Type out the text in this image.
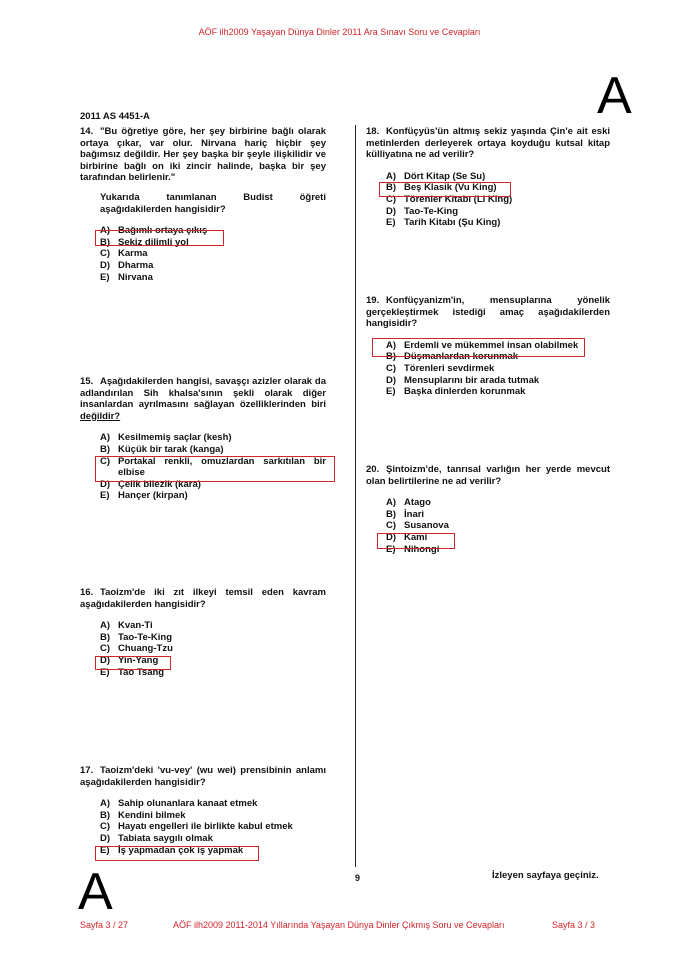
AÖF ilh2009 Yaşayan Dünya Dinler 2011 Ara Sınavı Soru ve Cevapları
A
2011 AS 4451-A
14. "Bu öğretiye göre, her şey birbirine bağlı olarak ortaya çıkar, var olur. Nirvana hariç hiçbir şey bağımsız değildir. Her şey başka bir şeyle ilişkilidir ve birbirine bağlı on iki zincir halinde, başka bir şey tarafından belirlenir."
Yukarıda tanımlanan Budist öğreti aşağıdakilerden hangisidir?
A) Bağımlı ortaya çıkış
B) Sekiz dilimli yol
C) Karma
D) Dharma
E) Nirvana
15. Aşağıdakilerden hangisi, savaşçı azizler olarak da adlandırılan Sih khalsa'sının şekli olarak diğer insanlardan ayrılmasını sağlayan özelliklerinden biri değildir?
A) Kesilmemiş saçlar (kesh)
B) Küçük bir tarak (kanga)
C) Portakal renkli, omuzlardan sarkıtılan bir elbise
D) Çelik bilezik (kara)
E) Hançer (kirpan)
16. Taoizm'de iki zıt ilkeyi temsil eden kavram aşağıdakilerden hangisidir?
A) Kvan-Ti
B) Tao-Te-King
C) Chuang-Tzu
D) Yin-Yang
E) Tao Tsang
17. Taoizm'deki 'vu-vey' (wu wei) prensibinin anlamı aşağıdakilerden hangisidir?
A) Sahip olunanlara kanaat etmek
B) Kendini bilmek
C) Hayatı engelleri ile birlikte kabul etmek
D) Tabiata saygılı olmak
E) İş yapmadan çok iş yapmak
18. Konfüçyüs'ün altmış sekiz yaşında Çin'e ait eski metinlerden derleyerek ortaya koyduğu kutsal kitap külliyatına ne ad verilir?
A) Dört Kitap (Se Su)
B) Beş Klasik (Vu King)
C) Törenler Kitabı (Li King)
D) Tao-Te-King
E) Tarih Kitabı (Şu King)
19. Konfüçyanizm'in, mensuplarına yönelik gerçekleştirmek istediği amaç aşağıdakilerden hangisidir?
A) Erdemli ve mükemmel insan olabilmek
B) Düşmanlardan korunmak
C) Törenleri sevdirmek
D) Mensuplarını bir arada tutmak
E) Başka dinlerden korunmak
20. Şintoizm'de, tanrısal varlığın her yerde mevcut olan belirtilerine ne ad verilir?
A) Atago
B) İnari
C) Susanova
D) Kami
E) Nihongi
9	İzleyen sayfaya geçiniz.
A
Sayfa 3 / 27	AÖF ilh2009 2011-2014 Yıllarında Yaşayan Dünya Dinler Çıkmış Soru ve Cevapları	Sayfa 3 / 3
